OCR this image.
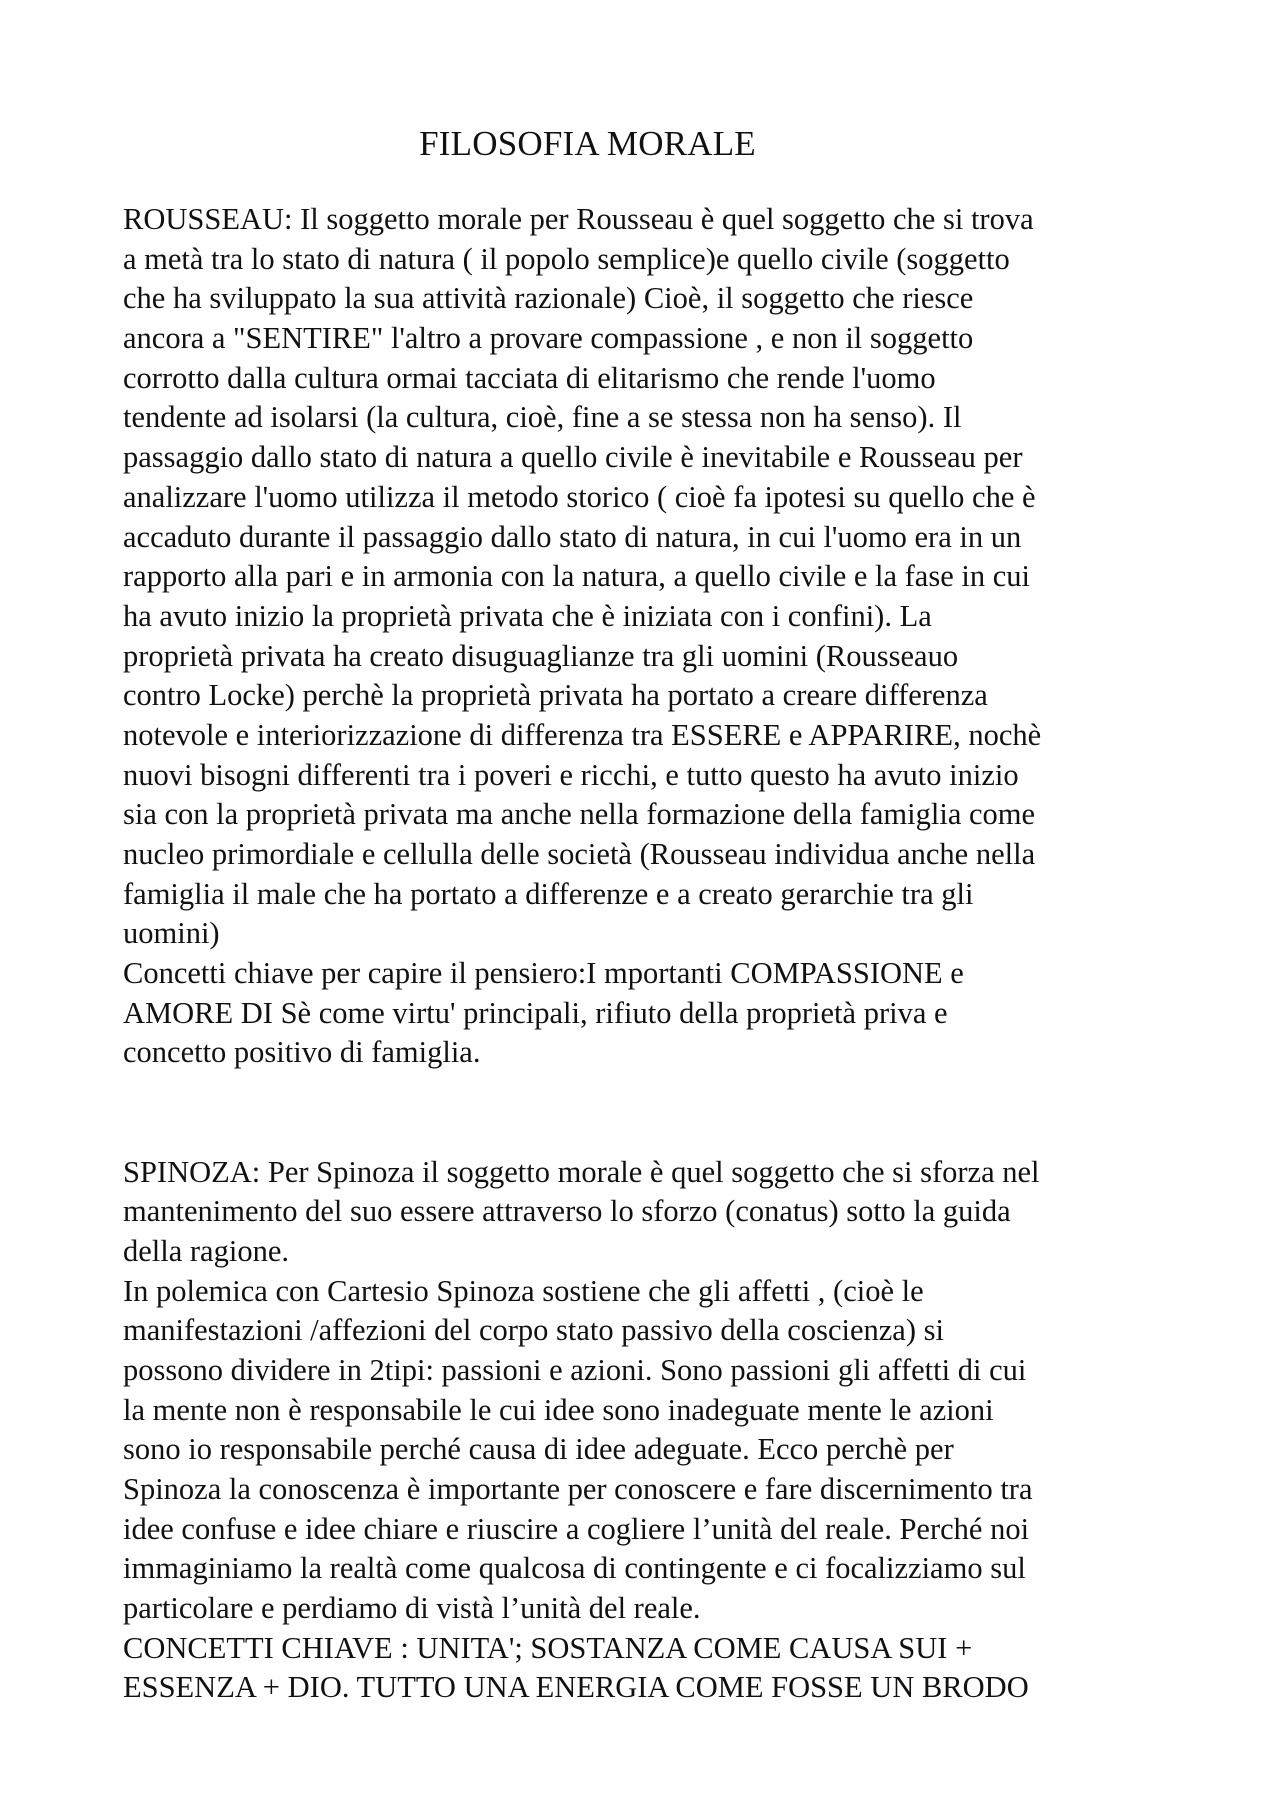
FILOSOFIA MORALE
ROUSSEAU: Il soggetto morale per Rousseau è quel soggetto che si trova
a metà tra lo stato di natura ( il popolo semplice)e quello civile (soggetto
che ha sviluppato la sua attività razionale) Cioè, il soggetto che riesce
ancora a "SENTIRE" l'altro a provare compassione , e non il soggetto
corrotto dalla cultura ormai tacciata di elitarismo che rende l'uomo
tendente ad isolarsi (la cultura, cioè, fine a se stessa non ha senso). Il
passaggio dallo stato di natura a quello civile è inevitabile e Rousseau per
analizzare l'uomo utilizza il metodo storico ( cioè fa ipotesi su quello che è
accaduto durante il passaggio dallo stato di natura, in cui l'uomo era in un
rapporto alla pari e in armonia con la natura, a quello civile e la fase in cui
ha avuto inizio la proprietà privata che è iniziata con i confini). La
proprietà privata ha creato disuguaglianze tra gli uomini (Rousseauo
contro Locke) perchè la proprietà privata ha portato a creare differenza
notevole e interiorizzazione di differenza tra ESSERE e APPARIRE, nochè
nuovi bisogni differenti tra i poveri e ricchi, e tutto questo ha avuto inizio
sia con la proprietà privata ma anche nella formazione della famiglia come
nucleo primordiale e cellulla delle società (Rousseau individua anche nella
famiglia il male che ha portato a differenze e a creato gerarchie tra gli
uomini)
Concetti chiave per capire il pensiero:I mportanti COMPASSIONE e
AMORE DI Sè come virtu' principali, rifiuto della proprietà priva e
concetto positivo di famiglia.
SPINOZA: Per Spinoza il soggetto morale è quel soggetto che si sforza nel
mantenimento del suo essere attraverso lo sforzo (conatus) sotto la guida
della ragione.
In polemica con Cartesio Spinoza sostiene che gli affetti , (cioè le
manifestazioni /affezioni del corpo stato passivo della coscienza) si
possono dividere in 2tipi: passioni e azioni. Sono passioni gli affetti di cui
la mente non è responsabile le cui idee sono inadeguate mente le azioni
sono io responsabile perché causa di idee adeguate. Ecco perchè per
Spinoza la conoscenza è importante per conoscere e fare discernimento tra
idee confuse e idee chiare e riuscire a cogliere l’unità del reale. Perché noi
immaginiamo la realtà come qualcosa di contingente e ci focalizziamo sul
particolare e perdiamo di vistà l’unità del reale.
CONCETTI CHIAVE : UNITA'; SOSTANZA COME CAUSA SUI +
ESSENZA + DIO. TUTTO UNA ENERGIA COME FOSSE UN BRODO
